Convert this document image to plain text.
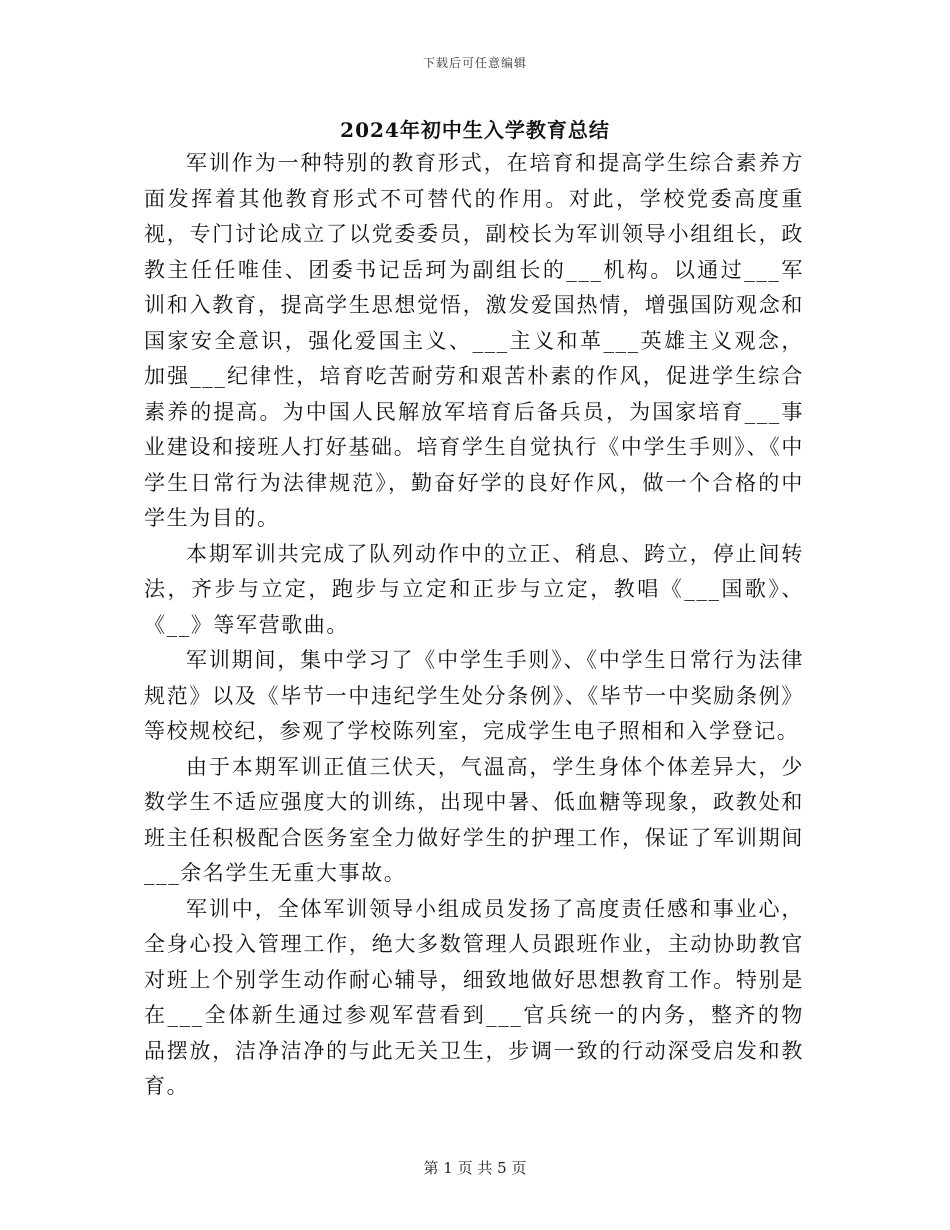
下载后可任意编辑
2024年初中生入学教育总结

军训作为一种特别的教育形式，在培育和提高学生综合素养方面发挥着其他教育形式不可替代的作用。对此，学校党委高度重视，专门讨论成立了以党委委员，副校长为军训领导小组组长，政教主任任唯佳、团委书记岳珂为副组长的___机构。以通过___军训和入教育，提高学生思想觉悟，激发爱国热情，增强国防观念和国家安全意识，强化爱国主义、___主义和革___英雄主义观念，加强___纪律性，培育吃苦耐劳和艰苦朴素的作风，促进学生综合素养的提高。为中国人民解放军培育后备兵员，为国家培育___事业建设和接班人打好基础。培育学生自觉执行《中学生手则》、《中学生日常行为法律规范》，勤奋好学的良好作风，做一个合格的中学生为目的。

本期军训共完成了队列动作中的立正、稍息、跨立，停止间转法，齐步与立定，跑步与立定和正步与立定，教唱《___国歌》、《__》等军营歌曲。

军训期间，集中学习了《中学生手则》、《中学生日常行为法律规范》以及《毕节一中违纪学生处分条例》、《毕节一中奖励条例》等校规校纪，参观了学校陈列室，完成学生电子照相和入学登记。

由于本期军训正值三伏天，气温高，学生身体个体差异大，少数学生不适应强度大的训练，出现中暑、低血糖等现象，政教处和班主任积极配合医务室全力做好学生的护理工作，保证了军训期间___余名学生无重大事故。

军训中，全体军训领导小组成员发扬了高度责任感和事业心，全身心投入管理工作，绝大多数管理人员跟班作业，主动协助教官对班上个别学生动作耐心辅导，细致地做好思想教育工作。特别是在___全体新生通过参观军营看到___官兵统一的内务，整齐的物品摆放，洁净洁净的与此无关卫生，步调一致的行动深受启发和教育。

第 1 页 共 5 页
